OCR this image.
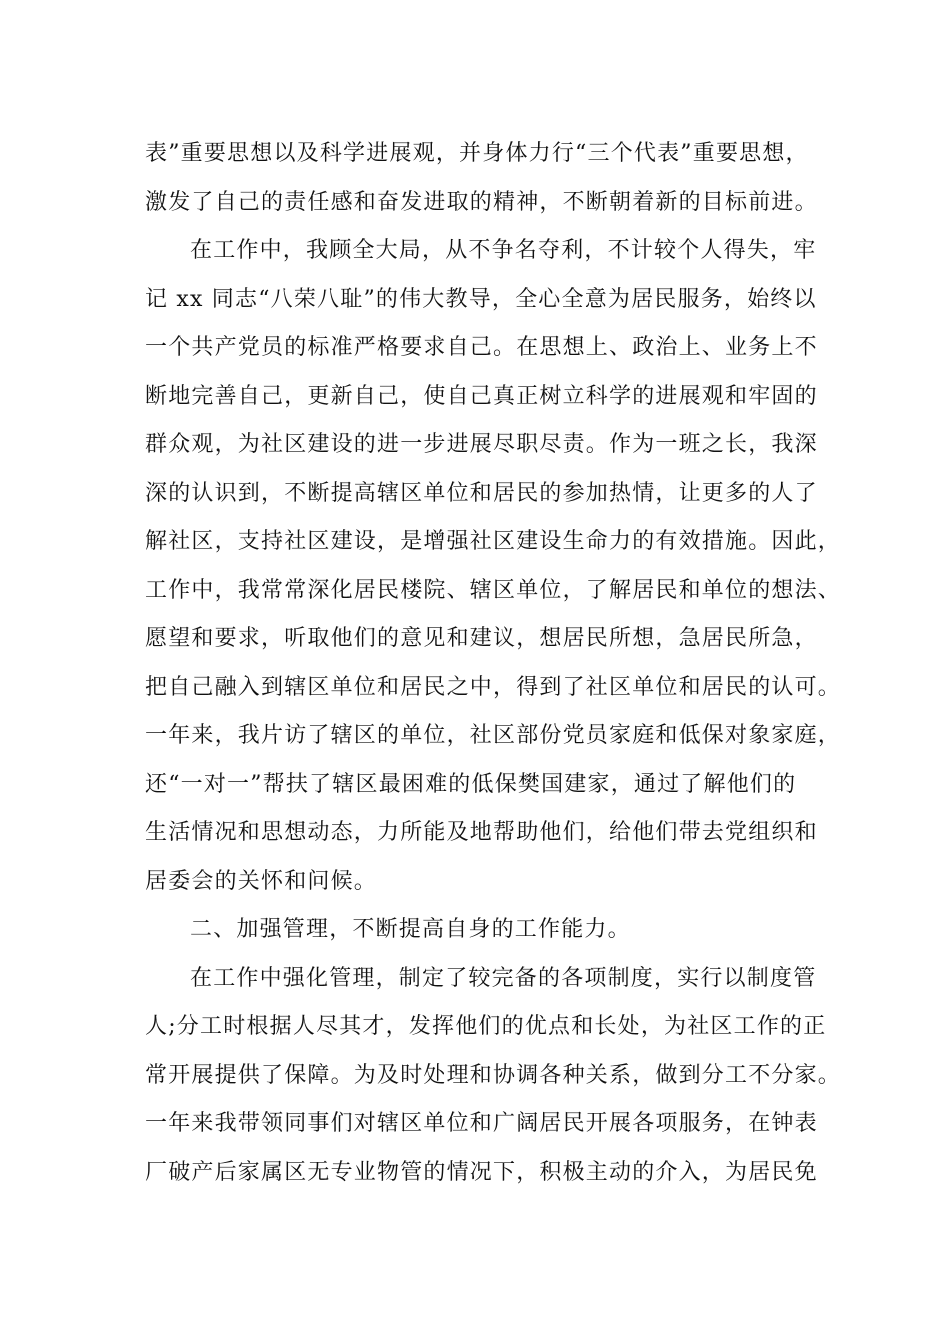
表”重要思想以及科学进展观，并身体力行“三个代表”重要思想，
激发了自己的责任感和奋发进取的精神，不断朝着新的目标前进。
在工作中，我顾全大局，从不争名夺利，不计较个人得失，牢
记 xx 同志“八荣八耻”的伟大教导，全心全意为居民服务，始终以
一个共产党员的标准严格要求自己。在思想上、政治上、业务上不
断地完善自己，更新自己，使自己真正树立科学的进展观和牢固的
群众观，为社区建设的进一步进展尽职尽责。作为一班之长，我深
深的认识到，不断提高辖区单位和居民的参加热情，让更多的人了
解社区，支持社区建设，是增强社区建设生命力的有效措施。因此，
工作中，我常常深化居民楼院、辖区单位，了解居民和单位的想法、
愿望和要求，听取他们的意见和建议，想居民所想，急居民所急，
把自己融入到辖区单位和居民之中，得到了社区单位和居民的认可。
一年来，我片访了辖区的单位，社区部份党员家庭和低保对象家庭，
还“一对一”帮扶了辖区最困难的低保樊国建家，通过了解他们的
生活情况和思想动态，力所能及地帮助他们，给他们带去党组织和
居委会的关怀和问候。
二、加强管理，不断提高自身的工作能力。
在工作中强化管理，制定了较完备的各项制度，实行以制度管
人;分工时根据人尽其才，发挥他们的优点和长处，为社区工作的正
常开展提供了保障。为及时处理和协调各种关系，做到分工不分家。
一年来我带领同事们对辖区单位和广阔居民开展各项服务，在钟表
厂破产后家属区无专业物管的情况下，积极主动的介入，为居民免
